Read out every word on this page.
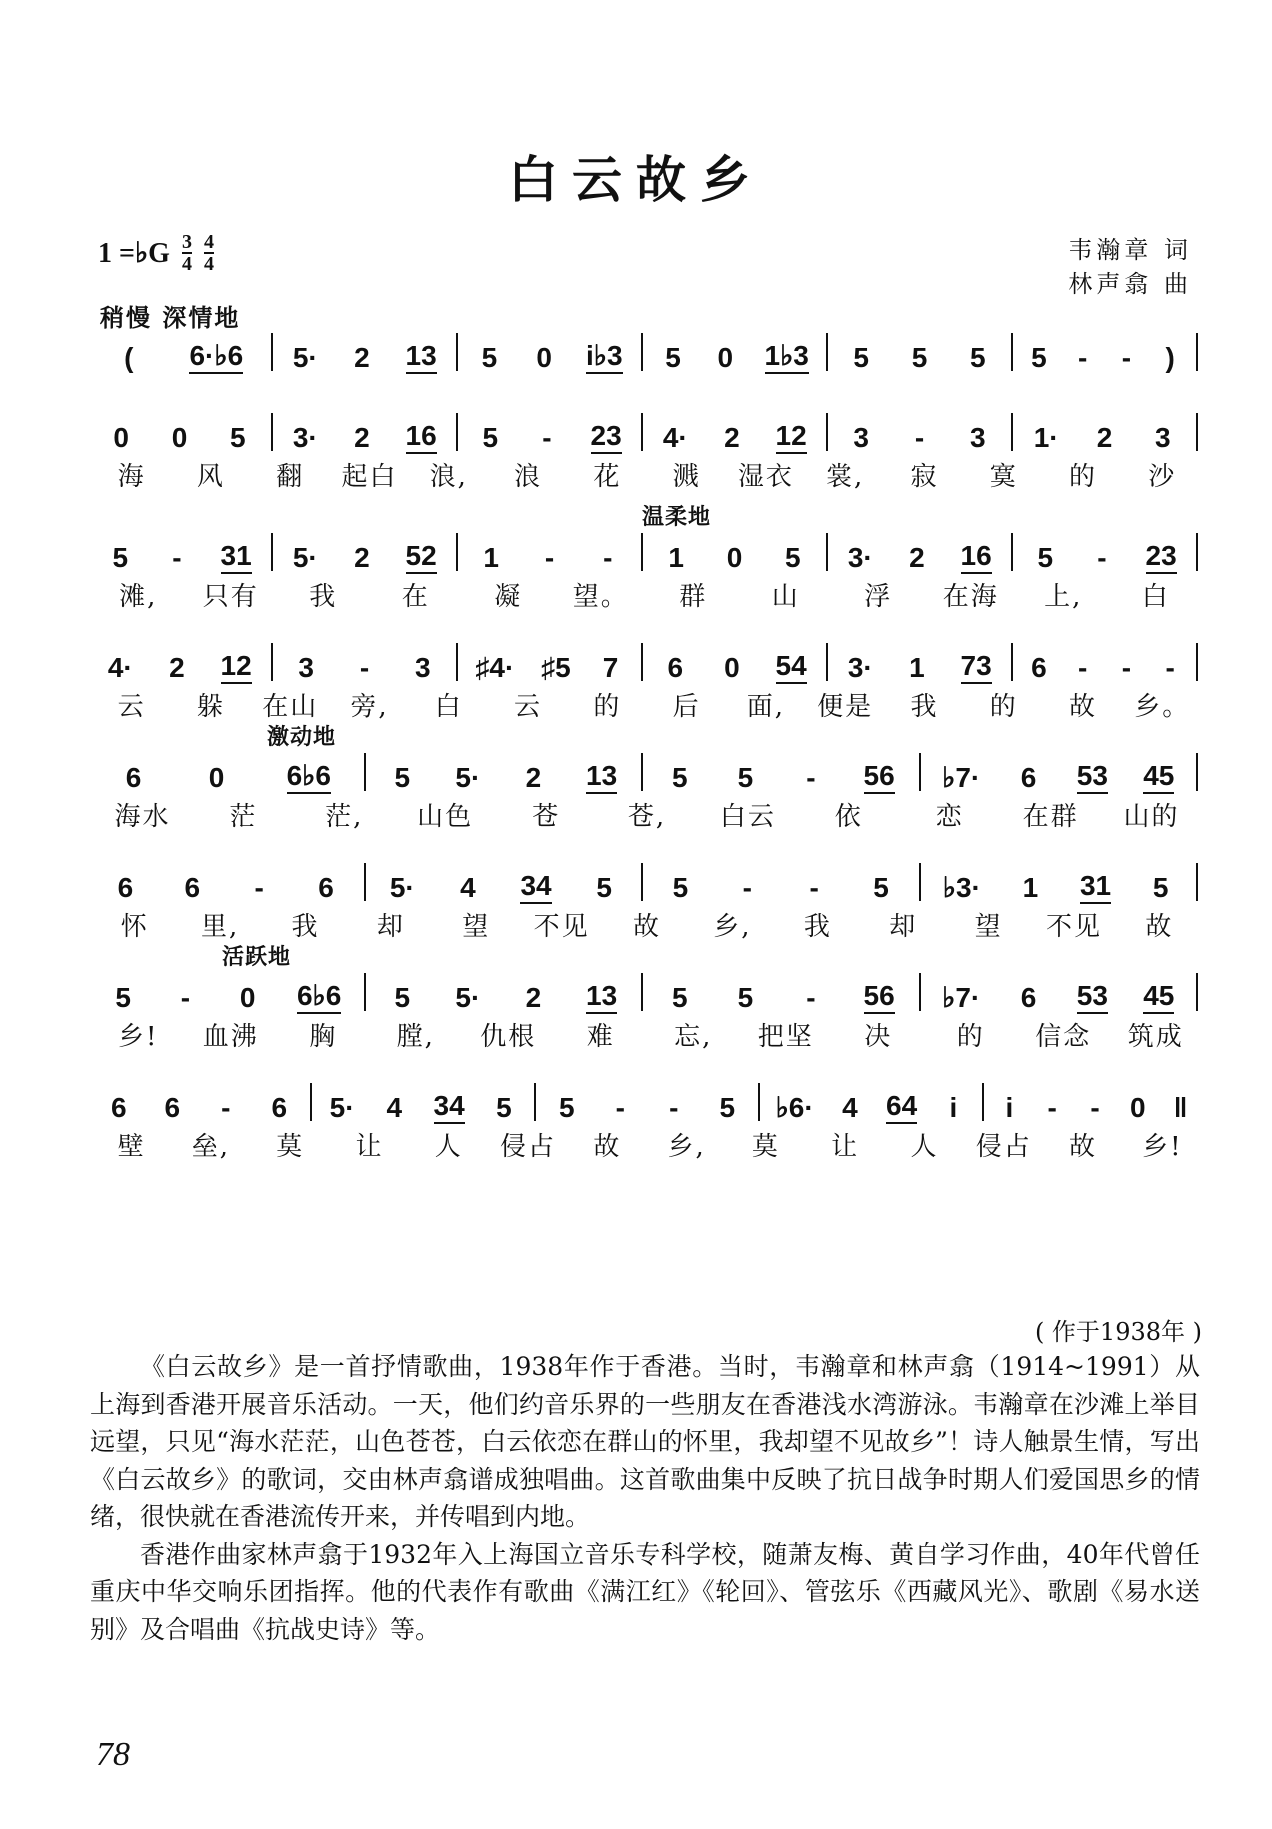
白云故乡
1 =♭G $\frac{3}{4} \frac{4}{4}$	韦瀚章 词
林声翕 曲
稍慢 深情地
( 6·♭6 5· 2 13 5 0 i♭3 5 0 1♭3 5 5 5 5 - - )
0 0 5 3· 2 16 5 - 23 4· 2 12 3 - 3 1· 2 3
海	风	翻	起白	浪,	浪	花	溅	湿衣	裳,	寂	寞	的	沙
温柔地
5 - 31 5· 2 52 1 - - 1 0 5 3· 2 16 5 - 23
滩,	只有	我	在	凝	望。	群	山	浮	在海	上,	白
4· 2 12 3 - 3 ♯4· ♯5 7 6 0 54 3· 1 73 6 - - -
云	躲	在山	旁,	白	云	的	后	面,	便是	我	的	故	乡。
激动地
6 0 6♭6 5 5· 2 13 5 5 - 56 ♭7· 6 53 45
海水	茫	茫,	山色	苍	苍,	白云	依	恋	在群	山的
6 6 - 6 5· 4 34 5 5 - - 5 ♭3· 1 31 5
怀	里,	我	却	望	不见	故	乡,	我	却	望	不见	故
活跃地
5 - 0 6♭6 5 5· 2 13 5 5 - 56 ♭7· 6 53 45
乡!	血沸	胸	膛,	仇根	难	忘,	把坚	决	的	信念	筑成
6 6 - 6 5· 4 34 5 5 - - 5 ♭6· 4 64	i	i	- - 0 ‖
壁	垒,	莫	让	人	侵占	故	乡,	莫	让	人	侵占	故	乡!
( 作于1938年 )

《白云故乡》是一首抒情歌曲，1938年作于香港。当时，韦瀚章和林声翕（1914~1991）从上海到香港开展音乐活动。一天，他们约音乐界的一些朋友在香港浅水湾游泳。韦瀚章在沙滩上举目远望，只见“海水茫茫，山色苍苍，白云依恋在群山的怀里，我却望不见故乡”！诗人触景生情，写出《白云故乡》的歌词，交由林声翕谱成独唱曲。这首歌曲集中反映了抗日战争时期人们爱国思乡的情绪，很快就在香港流传开来，并传唱到内地。

香港作曲家林声翕于1932年入上海国立音乐专科学校，随萧友梅、黄自学习作曲，40年代曾任重庆中华交响乐团指挥。他的代表作有歌曲《满江红》《轮回》、管弦乐《西藏风光》、歌剧《易水送别》及合唱曲《抗战史诗》等。

78
